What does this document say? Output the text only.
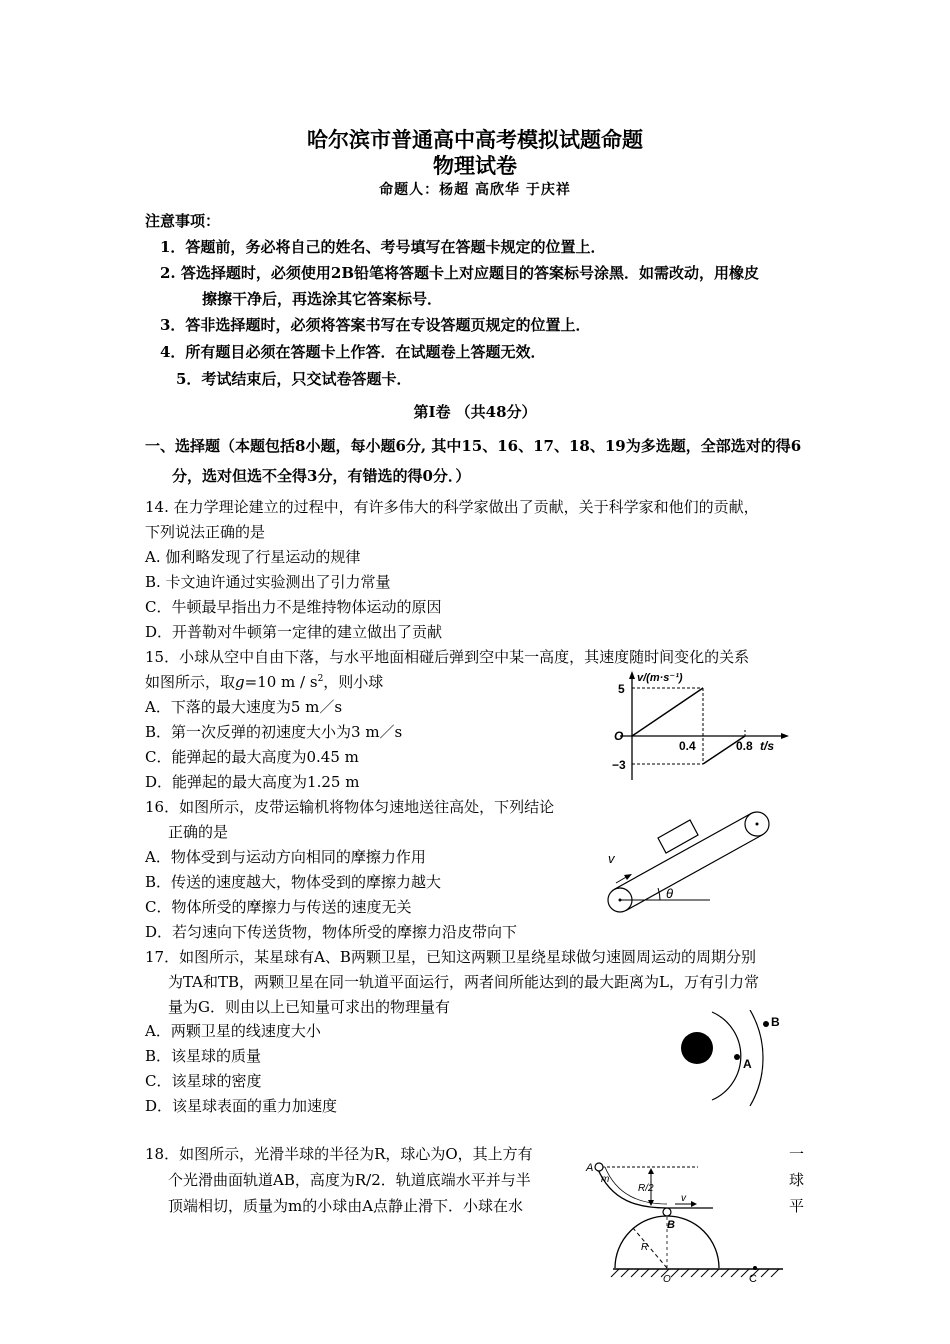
哈尔滨市普通高中高考模拟试题命题
物理试卷
命题人：杨超 高欣华 于庆祥
注意事项：
1．答题前，务必将自己的姓名、考号填写在答题卡规定的位置上．
2. 答选择题时，必须使用2B铅笔将答题卡上对应题目的答案标号涂黑．如需改动，用橡皮
擦擦干净后，再选涂其它答案标号．
3．答非选择题时，必须将答案书写在专设答题页规定的位置上．
4．所有题目必须在答题卡上作答．在试题卷上答题无效．
5．考试结束后，只交试卷答题卡．
第Ⅰ卷 （共48分）
一、选择题（本题包括8小题，每小题6分, 其中15、16、17、18、19为多选题，全部选对的得6
分，选对但选不全得3分，有错选的得0分．）
14. 在力学理论建立的过程中，有许多伟大的科学家做出了贡献，关于科学家和他们的贡献，
下列说法正确的是
A. 伽利略发现了行星运动的规律
B. 卡文迪许通过实验测出了引力常量
C．牛顿最早指出力不是维持物体运动的原因
D．开普勒对牛顿第一定律的建立做出了贡献
15．小球从空中自由下落，与水平地面相碰后弹到空中某一高度，其速度随时间变化的关系
如图所示，取g=10 m / $s^2$，则小球
A．下落的最大速度为5 m／s
B．第一次反弹的初速度大小为3 m／s
C．能弹起的最大高度为0.45 m
D．能弹起的最大高度为1.25 m
v/(m·s⁻¹)
5
−3
O
0.4	0.8 t/s
16．如图所示，皮带运输机将物体匀速地送往高处，下列结论
正确的是
A．物体受到与运动方向相同的摩擦力作用
B．传送的速度越大，物体受到的摩擦力越大
C．物体所受的摩擦力与传送的速度无关
D．若匀速向下传送货物，物体所受的摩擦力沿皮带向下
θ
v
17．如图所示，某星球有A、B两颗卫星，已知这两颗卫星绕星球做匀速圆周运动的周期分别
为TA和TB，两颗卫星在同一轨道平面运行，两者间所能达到的最大距离为L，万有引力常
量为G．则由以上已知量可求出的物理量有
A．两颗卫星的线速度大小
B．该星球的质量
C．该星球的密度
D．该星球表面的重力加速度
A
B
18．如图所示，光滑半球的半径为R，球心为O，其上方有	一
个光滑曲面轨道AB，高度为R/2．轨道底端水平并与半	球
顶端相切，质量为m的小球由A点静止滑下．小球在水	平
A
m
R/2
v
B
R
O	C
